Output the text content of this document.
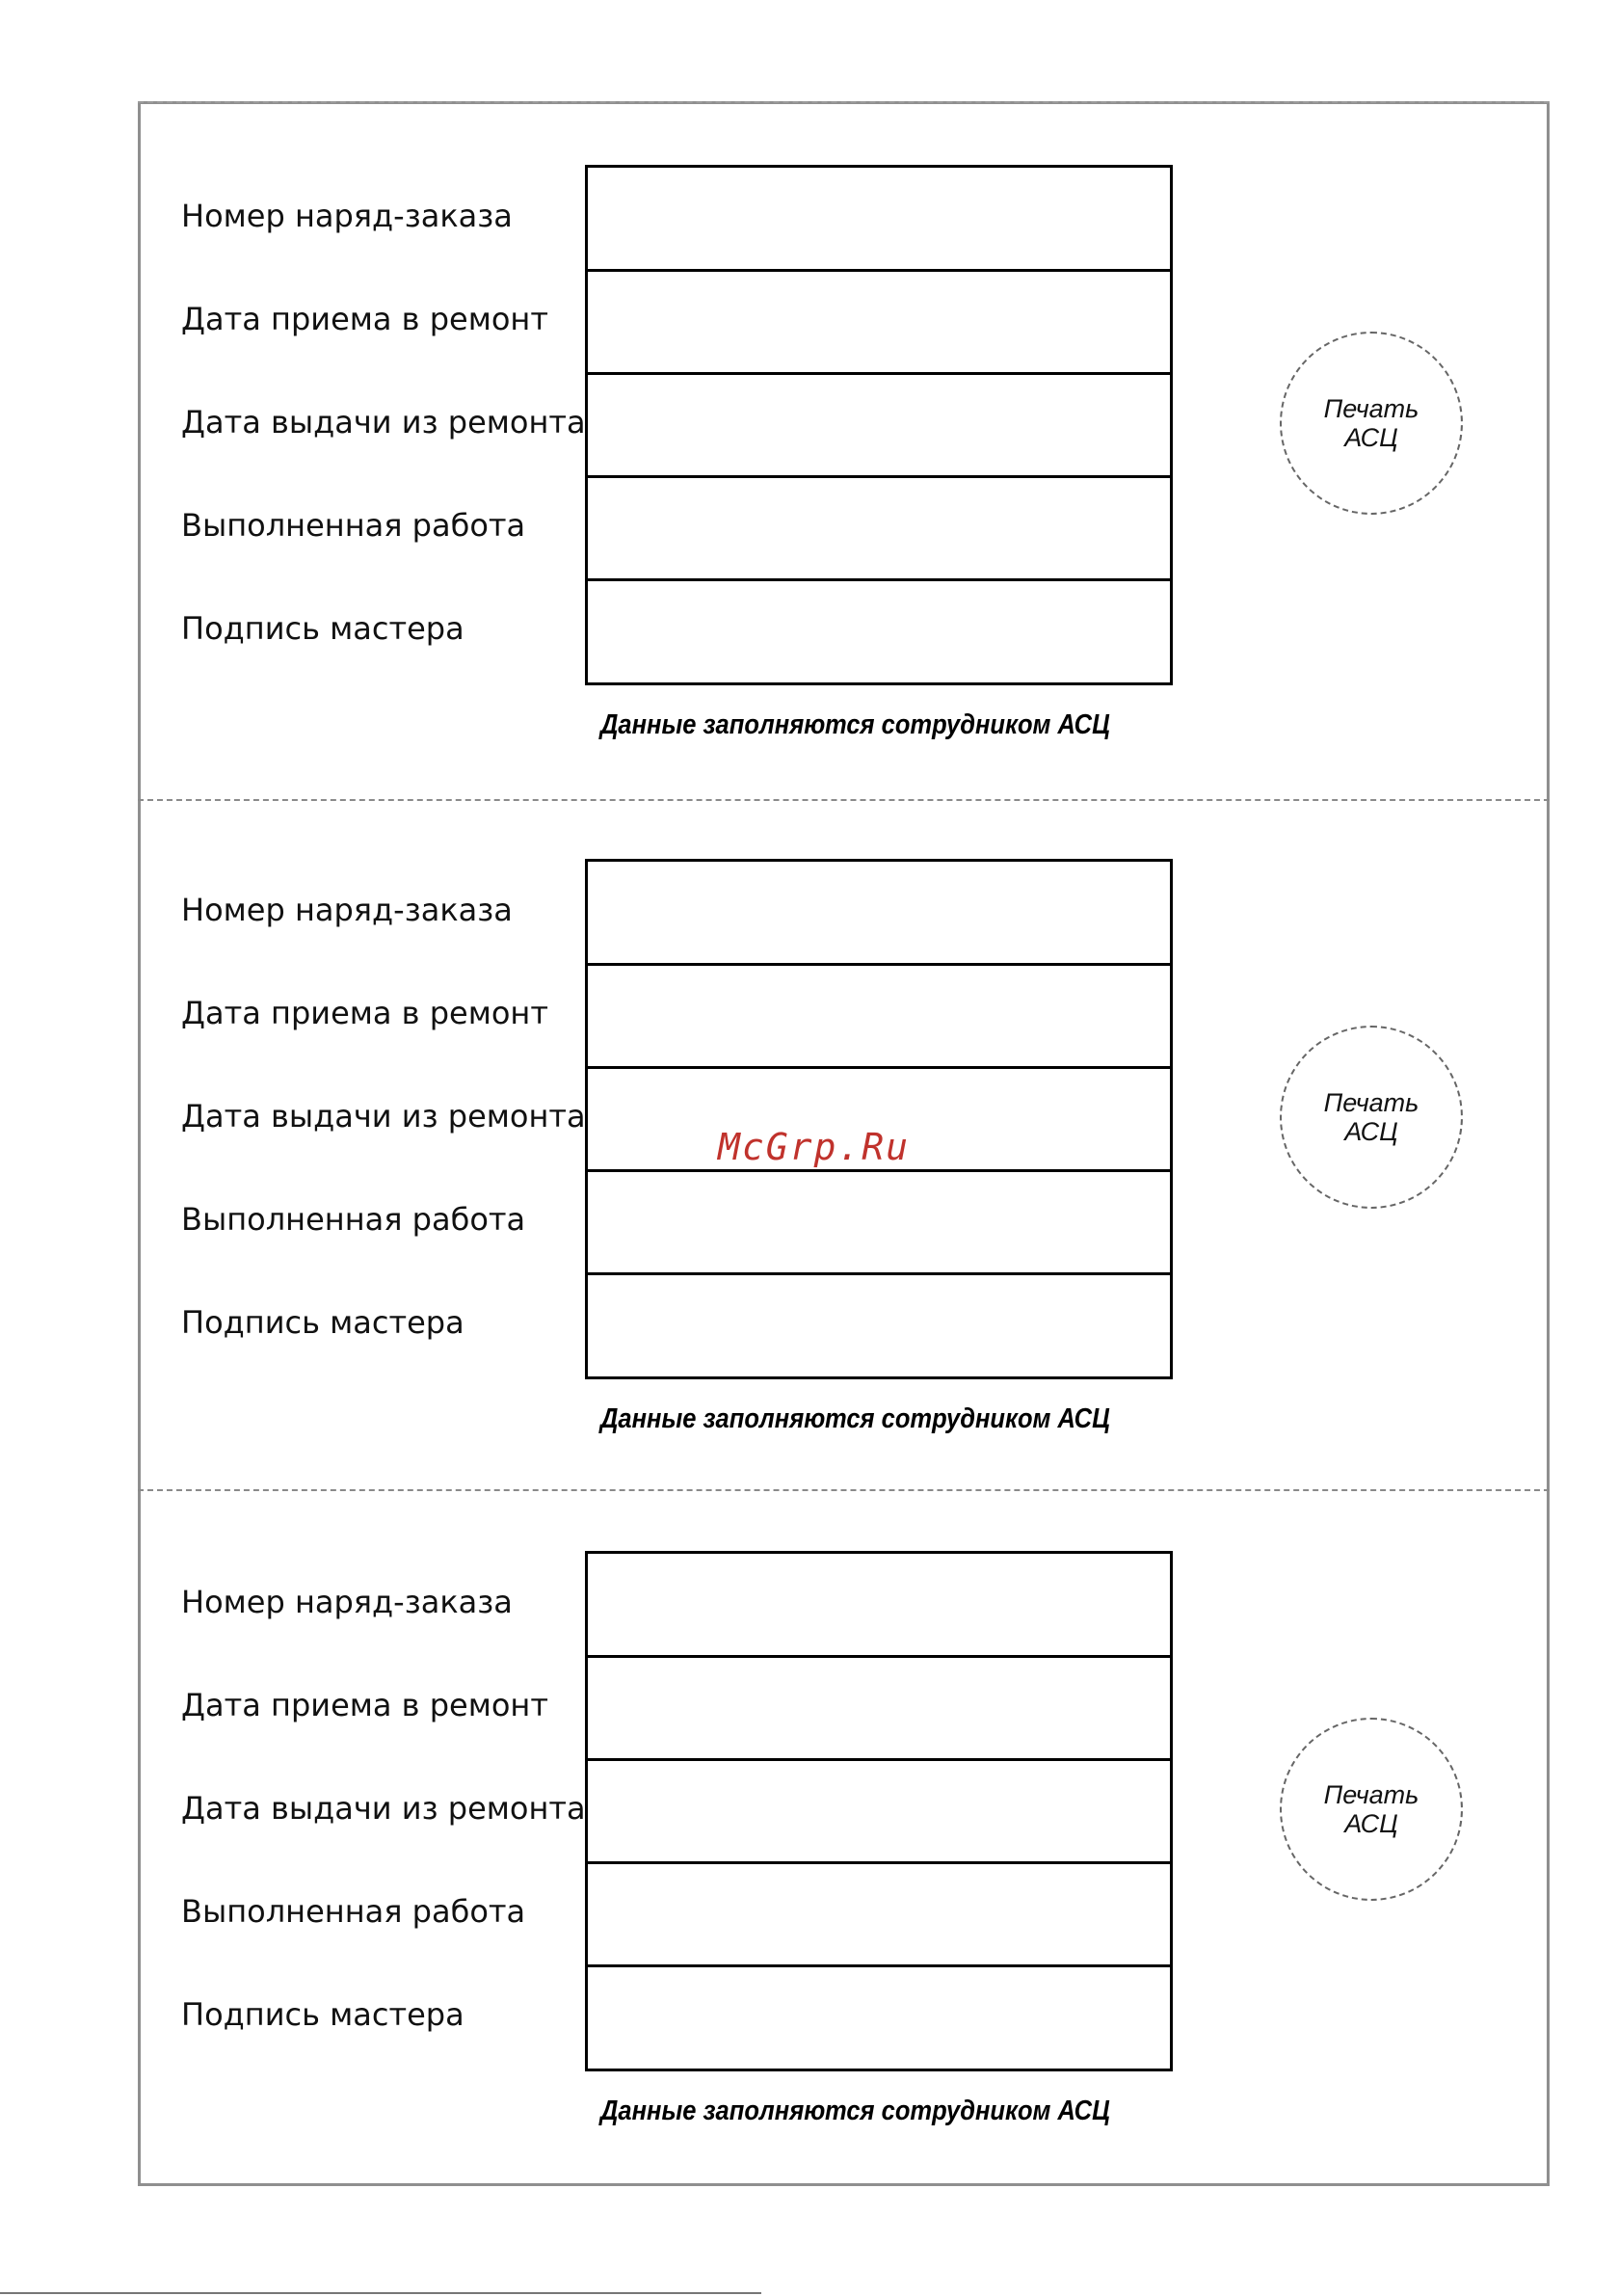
Номер наряд-заказа
Дата приема в ремонт
Дата выдачи из ремонта
Выполненная работа
Подпись мастера
Данные заполняются сотрудником АСЦ
Печать
АСЦ
Номер наряд-заказа
Дата приема в ремонт
Дата выдачи из ремонта
Выполненная работа
Подпись мастера
Данные заполняются сотрудником АСЦ
Печать
АСЦ
Номер наряд-заказа
Дата приема в ремонт
Дата выдачи из ремонта
Выполненная работа
Подпись мастера
Данные заполняются сотрудником АСЦ
Печать
АСЦ
McGrp.Ru
